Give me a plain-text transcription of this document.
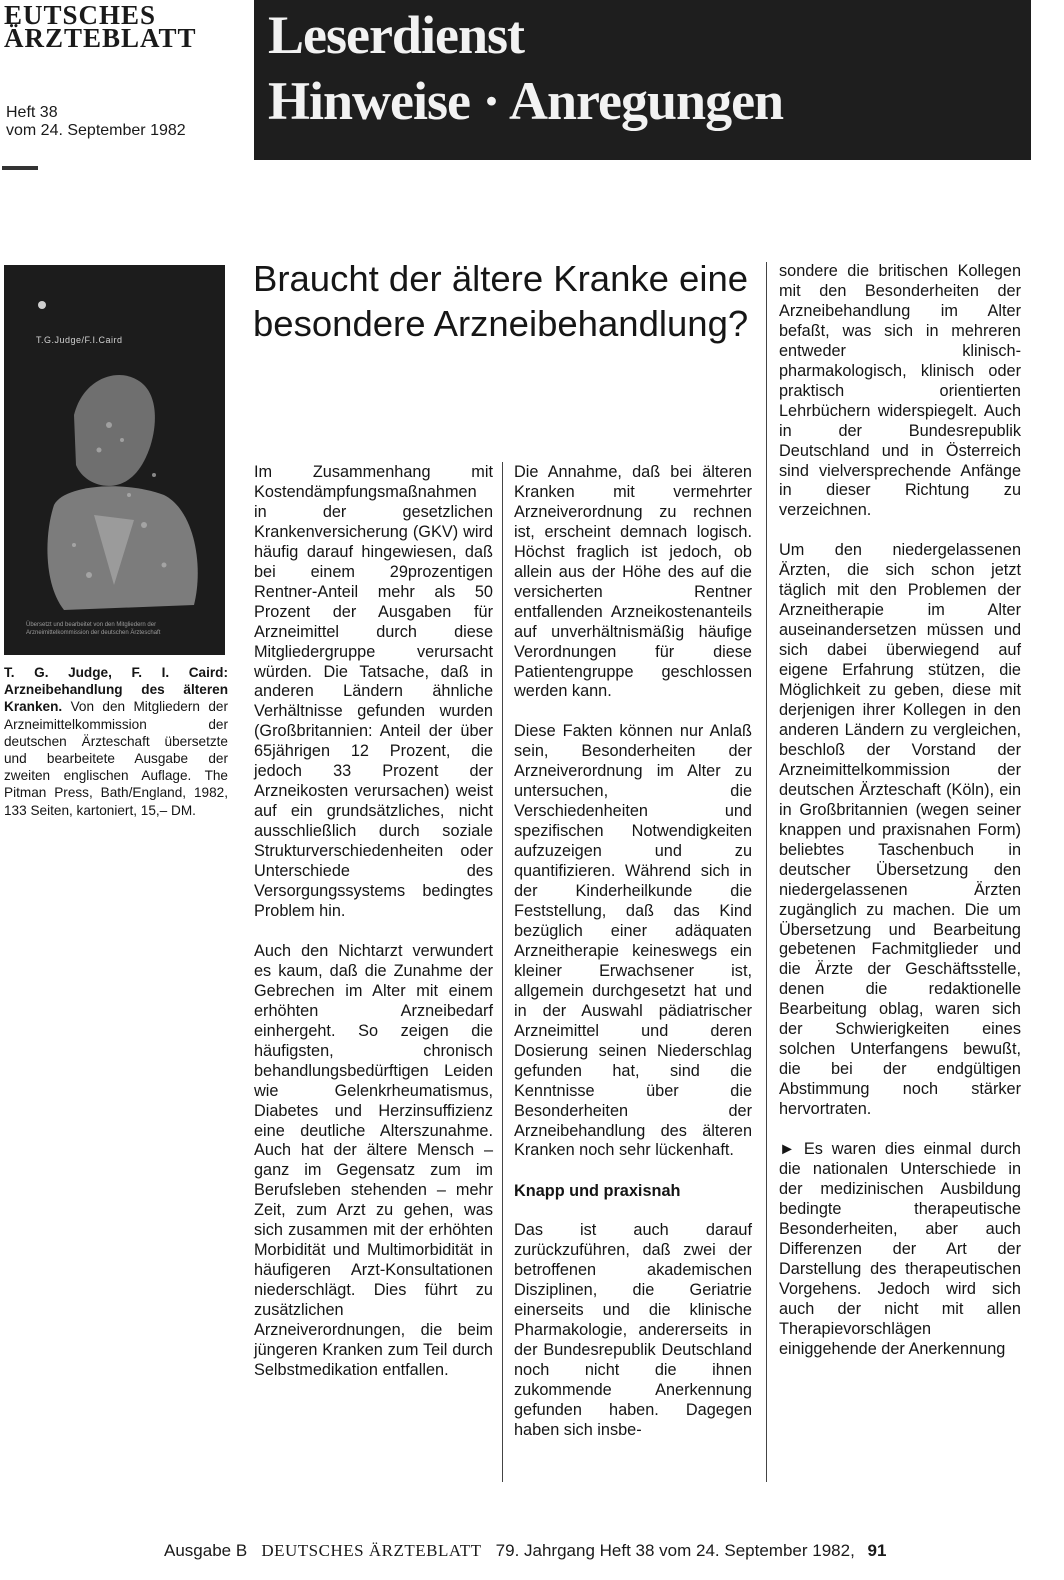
EUTSCHES
ÄRZTEBLATT
Heft 38
vom 24. September 1982
Leserdienst
Hinweise · Anregungen
T.G.Judge/F.I.Caird
Übersetzt und bearbeitet von den Mitgliedern der Arzneimittelkommission der deutschen Ärzteschaft
T. G. Judge, F. I. Caird: Arzneibehandlung des älteren Kranken. Von den Mitgliedern der Arzneimittelkommission der deutschen Ärzteschaft übersetzte und bearbeitete Ausgabe der zweiten englischen Auflage. The Pitman Press, Bath/England, 1982, 133 Seiten, kartoniert, 15,– DM.
Braucht der ältere Kranke eine besondere Arzneibehandlung?

Im Zusammenhang mit Kostendämpfungsmaßnahmen in der gesetzlichen Krankenversicherung (GKV) wird häufig darauf hingewiesen, daß bei einem 29prozentigen Rentner-Anteil mehr als 50 Prozent der Ausgaben für Arzneimittel durch diese Mitgliedergruppe verursacht würden. Die Tatsache, daß in anderen Ländern ähnliche Verhältnisse gefunden wurden (Großbritannien: Anteil der über 65jährigen 12 Prozent, die jedoch 33 Prozent der Arzneikosten verursachen) weist auf ein grundsätzliches, nicht ausschließlich durch soziale Strukturverschiedenheiten oder Unterschiede des Versorgungssystems bedingtes Problem hin.

Auch den Nichtarzt verwundert es kaum, daß die Zunahme der Gebrechen im Alter mit einem erhöhten Arzneibedarf einhergeht. So zeigen die häufigsten, chronisch behandlungsbedürftigen Leiden wie Gelenkrheumatismus, Diabetes und Herzinsuffizienz eine deutliche Alterszunahme. Auch hat der ältere Mensch – ganz im Gegensatz zum im Berufsleben stehenden – mehr Zeit, zum Arzt zu gehen, was sich zusammen mit der erhöhten Morbidität und Multimorbidität in häufigeren Arzt-Konsultationen niederschlägt. Dies führt zu zusätzlichen Arzneiverordnungen, die beim jüngeren Kranken zum Teil durch Selbstmedikation entfallen.

Die Annahme, daß bei älteren Kranken mit vermehrter Arzneiverordnung zu rechnen ist, erscheint demnach logisch. Höchst fraglich ist jedoch, ob allein aus der Höhe des auf die versicherten Rentner entfallenden Arzneikostenanteils auf unverhältnismäßig häufige Verordnungen für diese Patientengruppe geschlossen werden kann.

Diese Fakten können nur Anlaß sein, Besonderheiten der Arzneiverordnung im Alter zu untersuchen, die Verschiedenheiten und spezifischen Notwendigkeiten aufzuzeigen und zu quantifizieren. Während sich in der Kinderheilkunde die Feststellung, daß das Kind bezüglich einer adäquaten Arzneitherapie keineswegs ein kleiner Erwachsener ist, allgemein durchgesetzt hat und in der Auswahl pädiatrischer Arzneimittel und deren Dosierung seinen Niederschlag gefunden hat, sind die Kenntnisse über die Besonderheiten der Arzneibehandlung des älteren Kranken noch sehr lückenhaft.

Knapp und praxisnah

Das ist auch darauf zurückzuführen, daß zwei der betroffenen akademischen Disziplinen, die Geriatrie einerseits und die klinische Pharmakologie, andererseits in der Bundesrepublik Deutschland noch nicht die ihnen zukommende Anerkennung gefunden haben. Dagegen haben sich insbe-

sondere die britischen Kollegen mit den Besonderheiten der Arzneibehandlung im Alter befaßt, was sich in mehreren entweder klinisch-pharmakologisch, klinisch oder praktisch orientierten Lehrbüchern widerspiegelt. Auch in der Bundesrepublik Deutschland und in Österreich sind vielversprechende Anfänge in dieser Richtung zu verzeichnen.

Um den niedergelassenen Ärzten, die sich schon jetzt täglich mit den Problemen der Arzneitherapie im Alter auseinandersetzen müssen und sich dabei überwiegend auf eigene Erfahrung stützen, die Möglichkeit zu geben, diese mit derjenigen ihrer Kollegen in den anderen Ländern zu vergleichen, beschloß der Vorstand der Arzneimittelkommission der deutschen Ärzteschaft (Köln), ein in Großbritannien (wegen seiner knappen und praxisnahen Form) beliebtes Taschenbuch in deutscher Übersetzung den niedergelassenen Ärzten zugänglich zu machen. Die um Übersetzung und Bearbeitung gebetenen Fachmitglieder und die Ärzte der Geschäftsstelle, denen die redaktionelle Bearbeitung oblag, waren sich der Schwierigkeiten eines solchen Unterfangens bewußt, die bei der endgültigen Abstimmung noch stärker hervortraten.

► Es waren dies einmal durch die nationalen Unterschiede in der medizinischen Ausbildung bedingte therapeutische Besonderheiten, aber auch Differenzen der Art der Darstellung des therapeutischen Vorgehens. Jedoch wird sich auch der nicht mit allen Therapievorschlägen einiggehende der Anerkennung

Ausgabe B DEUTSCHES ÄRZTEBLATT 79. Jahrgang Heft 38 vom 24. September 1982, 91
